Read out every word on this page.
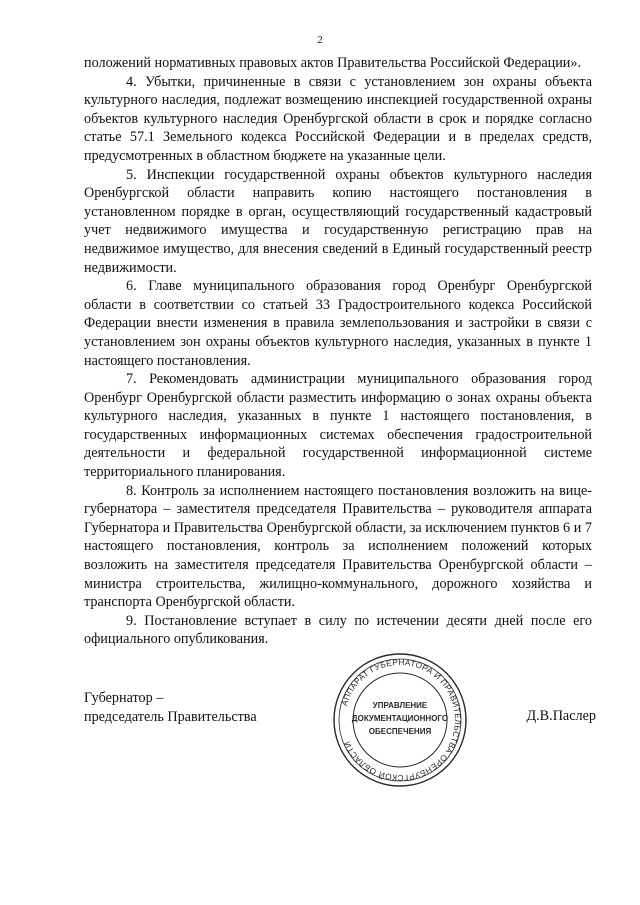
2

положений нормативных правовых актов Правительства Российской Федерации».

4. Убытки, причиненные в связи с установлением зон охраны объекта культурного наследия, подлежат возмещению инспекцией государственной охраны объектов культурного наследия Оренбургской области в срок и порядке согласно статье 57.1 Земельного кодекса Российской Федерации и в пределах средств, предусмотренных в областном бюджете на указанные цели.

5. Инспекции государственной охраны объектов культурного наследия Оренбургской области направить копию настоящего постановления в установленном порядке в орган, осуществляющий государственный кадастровый учет недвижимого имущества и государственную регистрацию прав на недвижимое имущество, для внесения сведений в Единый государственный реестр недвижимости.

6. Главе муниципального образования город Оренбург Оренбургской области в соответствии со статьей 33 Градостроительного кодекса Российской Федерации внести изменения в правила землепользования и застройки в связи с установлением зон охраны объектов культурного наследия, указанных в пункте 1 настоящего постановления.

7. Рекомендовать администрации муниципального образования город Оренбург Оренбургской области разместить информацию о зонах охраны объекта культурного наследия, указанных в пункте 1 настоящего постановления, в государственных информационных системах обеспечения градостроительной деятельности и федеральной государственной информационной системе территориального планирования.

8. Контроль за исполнением настоящего постановления возложить на вице-губернатора – заместителя председателя Правительства – руководителя аппарата Губернатора и Правительства Оренбургской области, за исключением пунктов 6 и 7 настоящего постановления, контроль за исполнением положений которых возложить на заместителя председателя Правительства Оренбургской области – министра строительства, жилищно-коммунального, дорожного хозяйства и транспорта Оренбургской области.

9. Постановление вступает в силу по истечении десяти дней после его официального опубликования.

Губернатор –
председатель Правительства
АППАРАТ ГУБЕРНАТОРА И ПРАВИТЕЛЬСТВА ОРЕНБУРГСКОЙ ОБЛАСТИ
УПРАВЛЕНИЕ
ДОКУМЕНТАЦИОННОГО
ОБЕСПЕЧЕНИЯ
Д.В.Паслер
